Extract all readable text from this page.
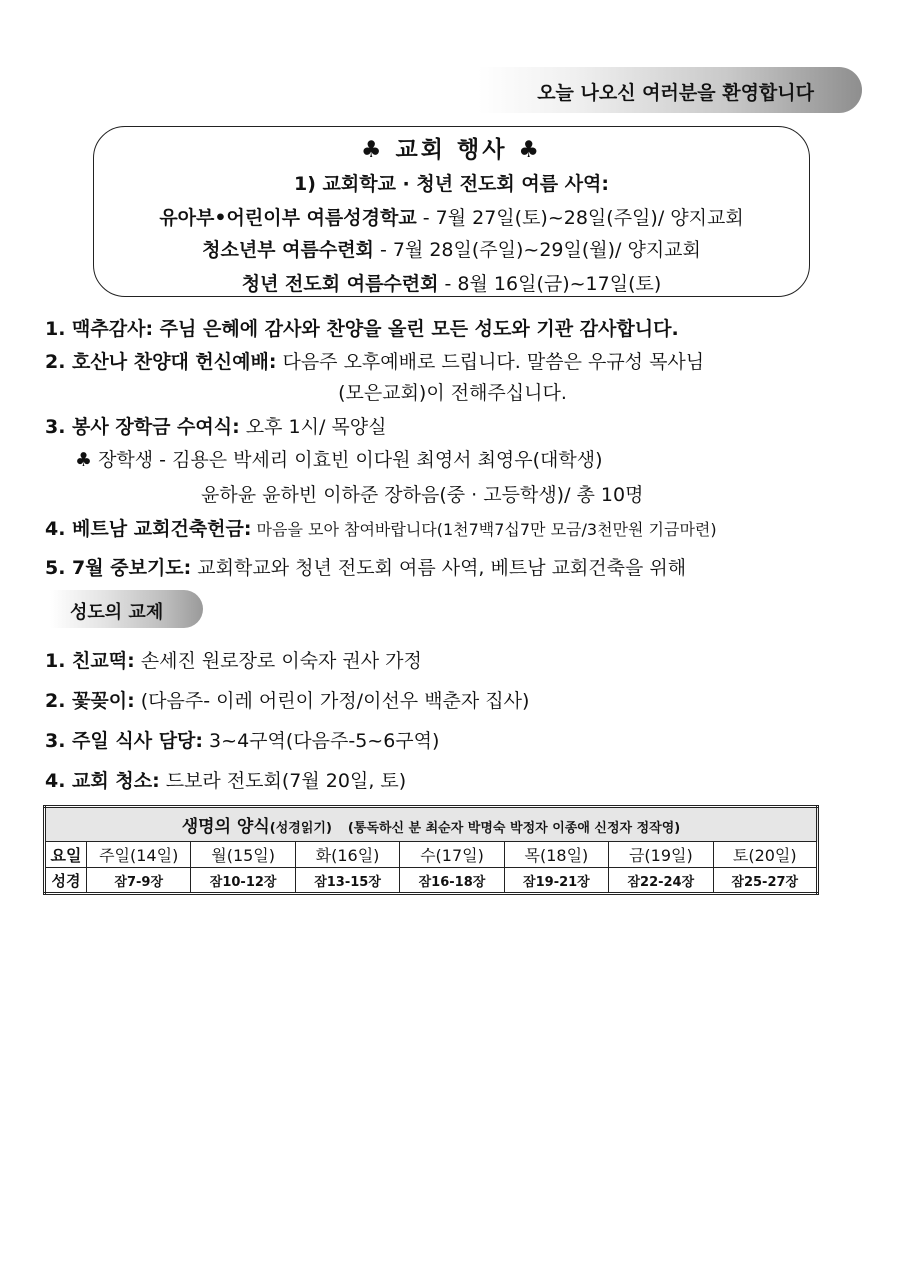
오늘 나오신 여러분을 환영합니다
♣ 교회 행사 ♣
1) 교회학교 · 청년 전도회 여름 사역:
유아부•어린이부 여름성경학교 - 7월 27일(토)~28일(주일)/ 양지교회
청소년부 여름수련회 - 7월 28일(주일)~29일(월)/ 양지교회
청년 전도회 여름수련회 - 8월 16일(금)~17일(토)
1. 맥추감사: 주님 은혜에 감사와 찬양을 올린 모든 성도와 기관 감사합니다.
2. 호산나 찬양대 헌신예배: 다음주 오후예배로 드립니다. 말씀은 우규성 목사님
(모은교회)이 전해주십니다.
3. 봉사 장학금 수여식: 오후 1시/ 목양실
♣ 장학생 - 김용은 박세리 이효빈 이다원 최영서 최영우(대학생)
윤하윤 윤하빈 이하준 장하음(중 · 고등학생)/ 총 10명
4. 베트남 교회건축헌금: 마음을 모아 참여바랍니다(1천7백7십7만 모금/3천만원 기금마련)
5. 7월 중보기도: 교회학교와 청년 전도회 여름 사역, 베트남 교회건축을 위해
성도의 교제
1. 친교떡: 손세진 원로장로 이숙자 권사 가정
2. 꽃꽂이: (다음주- 이레 어린이 가정/이선우 백춘자 집사)
3. 주일 식사 담당: 3~4구역(다음주-5~6구역)
4. 교회 청소: 드보라 전도회(7월 20일, 토)
생명의 양식(성경읽기) (통독하신 분 최순자 박명숙 박정자 이종애 신정자 정작영)							
요일	주일(14일)	월(15일)	화(16일)	수(17일)	목(18일)	금(19일)	토(20일)
성경	잠7-9장	잠10-12장	잠13-15장	잠16-18장	잠19-21장	잠22-24장	잠25-27장
